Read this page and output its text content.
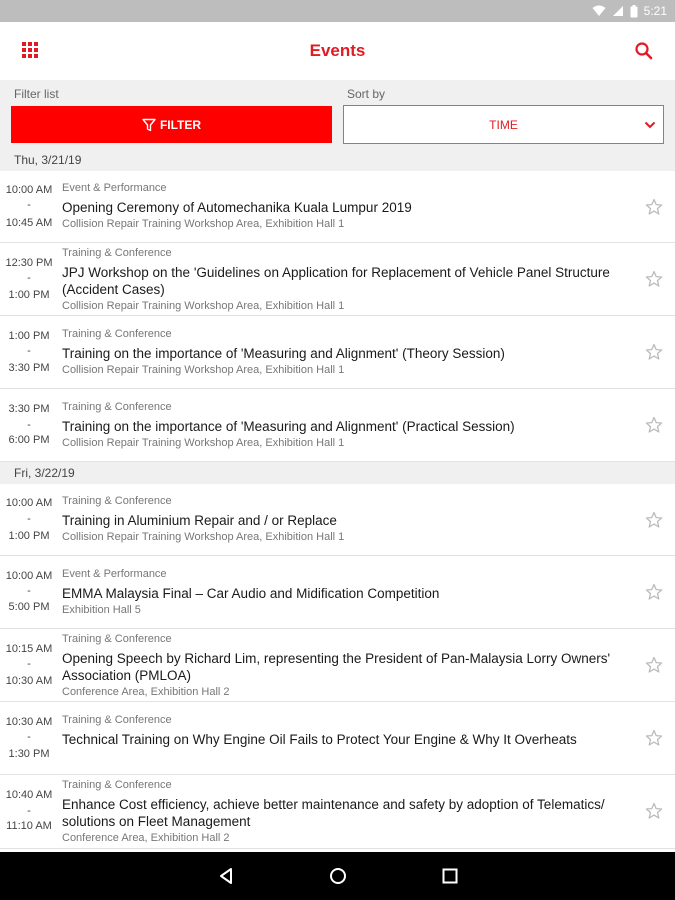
5:21
Events
Filter list	Sort by
FILTER	TIME
Thu, 3/21/19
10:00 AM
-
10:45 AM
Event & Performance
Opening Ceremony of Automechanika Kuala Lumpur 2019
Collision Repair Training Workshop Area, Exhibition Hall 1
12:30 PM
-
1:00 PM
Training & Conference
JPJ Workshop on the 'Guidelines on Application for Replacement of Vehicle Panel Structure
(Accident Cases)
Collision Repair Training Workshop Area, Exhibition Hall 1
1:00 PM
-
3:30 PM
Training & Conference
Training on the importance of 'Measuring and Alignment' (Theory Session)
Collision Repair Training Workshop Area, Exhibition Hall 1
3:30 PM
-
6:00 PM
Training & Conference
Training on the importance of 'Measuring and Alignment' (Practical Session)
Collision Repair Training Workshop Area, Exhibition Hall 1
Fri, 3/22/19
10:00 AM
-
1:00 PM
Training & Conference
Training in Aluminium Repair and / or Replace
Collision Repair Training Workshop Area, Exhibition Hall 1
10:00 AM
-
5:00 PM
Event & Performance
EMMA Malaysia Final – Car Audio and Midification Competition
Exhibition Hall 5
10:15 AM
-
10:30 AM
Training & Conference
Opening Speech by Richard Lim, representing the President of Pan-Malaysia Lorry Owners'
Association (PMLOA)
Conference Area, Exhibition Hall 2
10:30 AM
-
1:30 PM
Training & Conference
Technical Training on Why Engine Oil Fails to Protect Your Engine & Why It Overheats
10:40 AM
-
11:10 AM
Training & Conference
Enhance Cost efficiency, achieve better maintenance and safety by adoption of Telematics/
solutions on Fleet Management
Conference Area, Exhibition Hall 2
